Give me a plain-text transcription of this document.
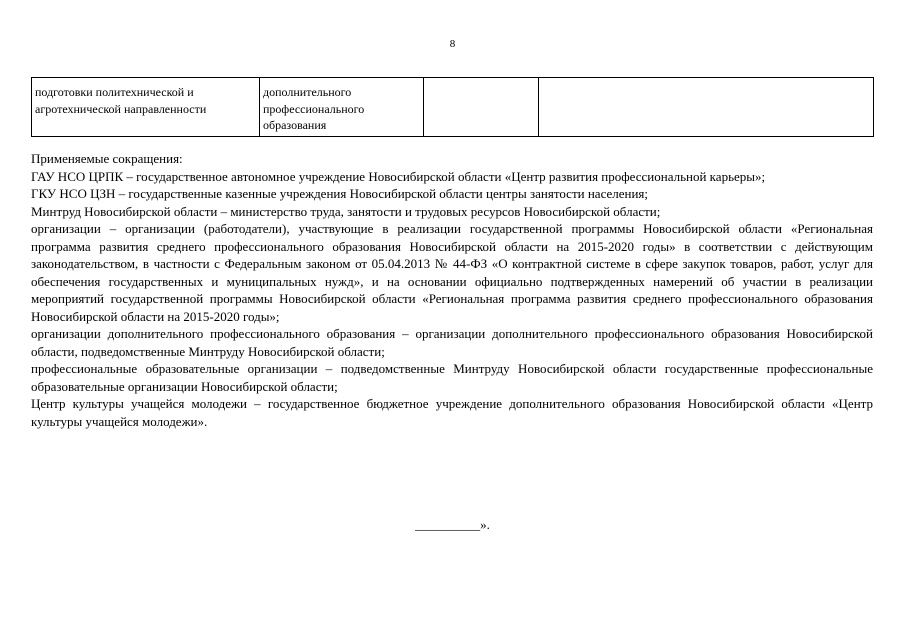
8
подготовки политехнической и агротехнической направленности	дополнительного профессионального образования		

Применяемые сокращения:

ГАУ НСО ЦРПК – государственное автономное учреждение Новосибирской области «Центр развития профессиональной карьеры»;

ГКУ НСО ЦЗН – государственные казенные учреждения Новосибирской области центры занятости населения;

Минтруд Новосибирской области – министерство труда, занятости и трудовых ресурсов Новосибирской области;

организации – организации (работодатели), участвующие в реализации государственной программы Новосибирской области «Региональная программа развития среднего профессионального образования Новосибирской области на 2015-2020 годы» в соответствии с действующим законодательством, в частности с Федеральным законом от 05.04.2013 № 44-ФЗ «О контрактной системе в сфере закупок товаров, работ, услуг для обеспечения государственных и муниципальных нужд», и на основании официально подтвержденных намерений об участии в реализации мероприятий государственной программы Новосибирской области «Региональная программа развития среднего профессионального образования Новосибирской области на 2015-2020 годы»;

организации дополнительного профессионального образования – организации дополнительного профессионального образования Новосибирской области, подведомственные Минтруду Новосибирской области;

профессиональные образовательные организации – подведомственные Минтруду Новосибирской области государственные профессиональные образовательные организации Новосибирской области;

Центр культуры учащейся молодежи – государственное бюджетное учреждение дополнительного образования Новосибирской области «Центр культуры учащейся молодежи».

__________».
